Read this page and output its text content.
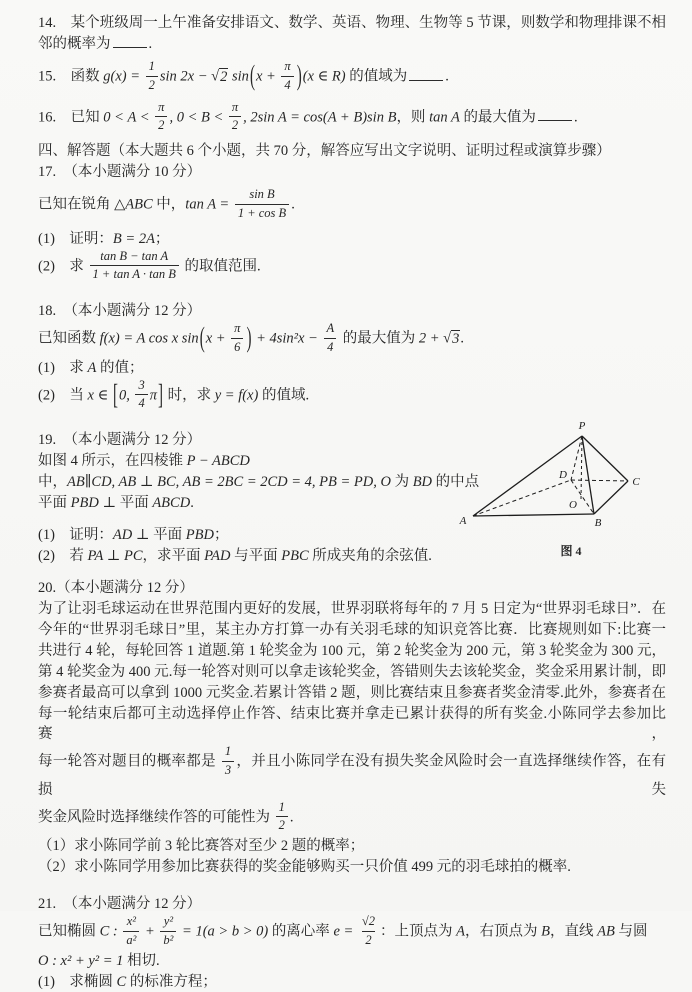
14.　某个班级周一上午准备安排语文、数学、英语、物理、生物等 5 节课，则数学和物理排课不相
邻的概率为	.
15.　函数 $g(x) = \frac{1}{2}$ sin 2x − √2 $\sin(x + \frac{\pi}{4} )(x$ ∈ R) 的值域为	.
16.　已知 $0 < A < \frac{\pi}{2}$ , $0 < B < \frac{\pi}{2}$ , 2sin A = cos(A + B)sin B，则 tan A 的最大值为	.
四、解答题（本大题共 6 个小题，共 70 分，解答应写出文字说明、证明过程或演算步骤）
17.　（本小题满分 10 分）
已知在锐角 △ABC 中，$\tan A = \frac{\text{sin B}}{\text{1 + cos B}}$ .
(1)　证明：B = 2A；
(2)　求 $\frac{\text{tan B − tan A}}{\text{1 + tan A · tan B}}$ 的取值范围.
18.　（本小题满分 12 分）
已知函数 f(x) = A cos x $\sin(x + \frac{\pi}{6}$ ) + $4\sin^2x - \frac{A}{4}$ 的最大值为 2 + √3.
(1)　求 A 的值；
(2)　当 x ∈ [0, $\frac{3}{4} \pi$] 时，求 y = f(x) 的值域.
19.　（本小题满分 12 分）
如图 4 所示，在四棱锥 P − ABCD
中，AB∥CD, AB ⊥ BC, AB = 2BC = 2CD = 4, PB = PD, O 为 BD 的中点
平面 PBD ⊥ 平面 ABCD.
(1)　证明：AD ⊥ 平面 PBD；
(2)　若 PA ⊥ PC，求平面 PAD 与平面 PBC 所成夹角的余弦值.
20.（本小题满分 12 分）
为了让羽毛球运动在世界范围内更好的发展，世界羽联将每年的 7 月 5 日定为“世界羽毛球日”．在
今年的“世界羽毛球日”里，某主办方打算一办有关羽毛球的知识竞答比赛．比赛规则如下:比赛一
共进行 4 轮，每轮回答 1 道题.第 1 轮奖金为 100 元，第 2 轮奖金为 200 元，第 3 轮奖金为 300 元，
第 4 轮奖金为 400 元.每一轮答对则可以拿走该轮奖金，答错则失去该轮奖金，奖金采用累计制，即
参赛者最高可以拿到 1000 元奖金.若累计答错 2 题，则比赛结束且参赛者奖金清零.此外，参赛者在
每一轮结束后都可主动选择停止作答、结束比赛并拿走已累计获得的所有奖金.小陈同学去参加比赛，
每一轮答对题目的概率都是 $\frac{1}{3}$ ，并且小陈同学在没有损失奖金风险时会一直选择继续作答，在有损失
奖金风险时选择继续作答的可能性为 $\frac{1}{2}$ .
（1）求小陈同学前 3 轮比赛答对至少 2 题的概率；
（2）求小陈同学用参加比赛获得的奖金能够购买一只价值 499 元的羽毛球拍的概率.
21.　（本小题满分 12 分）
已知椭圆 C : $\frac{\text{x²}}{\text{a²}} + \frac{\text{y²}}{\text{b²}} = 1(a > b > 0)$ 的离心率 $e = \frac{√2}{2}$ ：上顶点为 A，右顶点为 B，直线 AB 与圆
O : x² + y² = 1 相切.
(1)　求椭圆 C 的标准方程；
P
A	B
C
D
O
图 4
